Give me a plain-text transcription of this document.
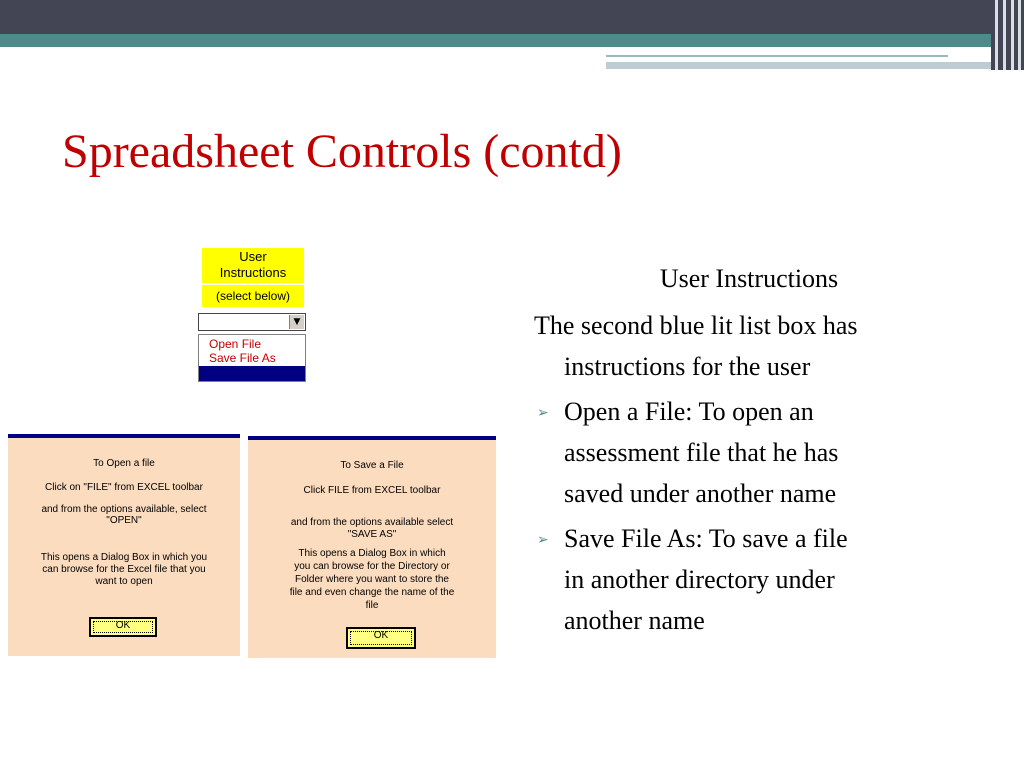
Spreadsheet Controls (contd)
User
Instructions
(select below)
▼
Open File
Save File As

To Open a file

Click on "FILE" from EXCEL toolbar

and from the options available, select

"OPEN"

This opens a Dialog Box in which you

can browse for the Excel file that you

want to open

OK

To Save a File

Click FILE from EXCEL toolbar

and from the options available select

"SAVE AS"

This opens a Dialog Box in which

you can browse for the Directory or

Folder where you want to store the

file and even change the name of the

file

OK
User Instructions
The second blue lit list box has
instructions for the user
➢ Open a File: To open an
assessment file that he has
saved under another name
➢ Save File As: To save a file
in another directory under
another name
